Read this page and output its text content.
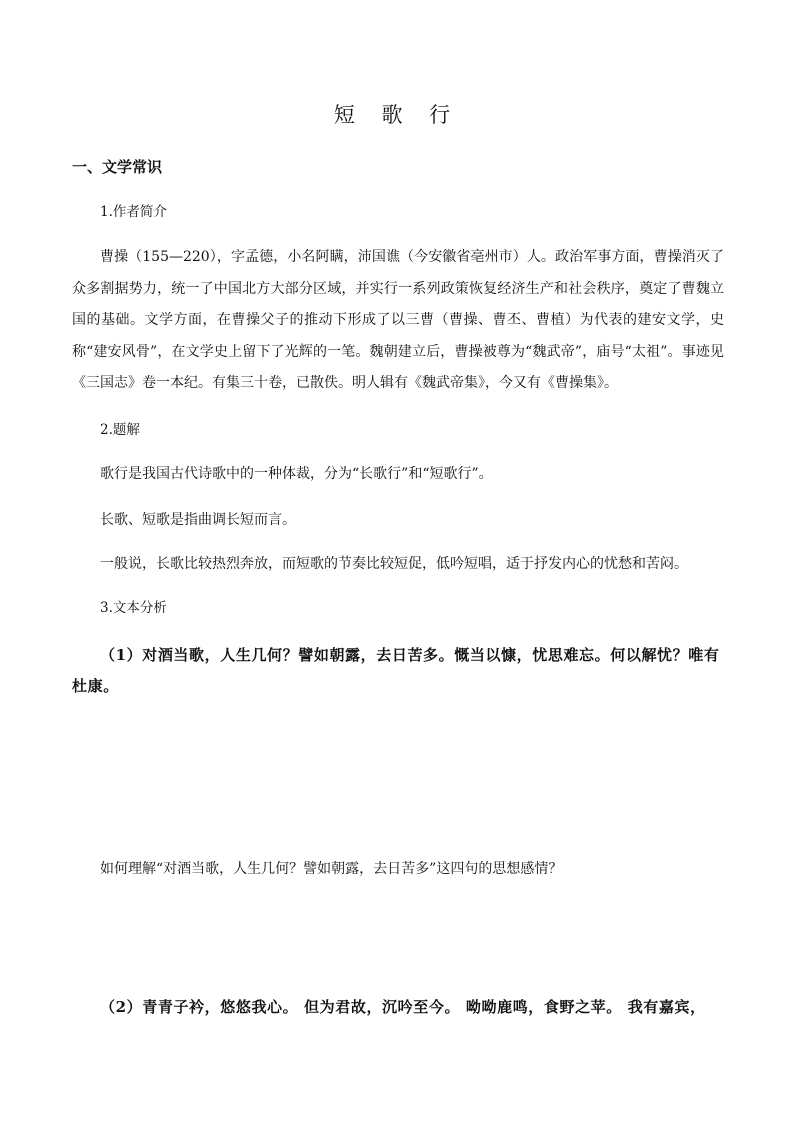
短 歌 行
一、文学常识
1.作者简介
曹操（155—220），字孟德，小名阿瞒，沛国谯（今安徽省亳州市）人。政治军事方面，曹操消灭了众多割据势力，统一了中国北方大部分区域，并实行一系列政策恢复经济生产和社会秩序，奠定了曹魏立国的基础。文学方面，在曹操父子的推动下形成了以三曹（曹操、曹丕、曹植）为代表的建安文学，史称“建安风骨”，在文学史上留下了光辉的一笔。魏朝建立后，曹操被尊为“魏武帝”，庙号“太祖”。事迹见《三国志》卷一本纪。有集三十卷，已散佚。明人辑有《魏武帝集》，今又有《曹操集》。
2.题解
歌行是我国古代诗歌中的一种体裁，分为“长歌行”和“短歌行”。
长歌、短歌是指曲调长短而言。
一般说，长歌比较热烈奔放，而短歌的节奏比较短促，低吟短唱，适于抒发内心的忧愁和苦闷。
3.文本分析
（1）对酒当歌，人生几何？譬如朝露，去日苦多。慨当以慷，忧思难忘。何以解忧？唯有杜康。
如何理解“对酒当歌，人生几何？譬如朝露，去日苦多”这四句的思想感情？
（2）青青子衿，悠悠我心。 但为君故，沉吟至今。 呦呦鹿鸣，食野之苹。 我有嘉宾，
